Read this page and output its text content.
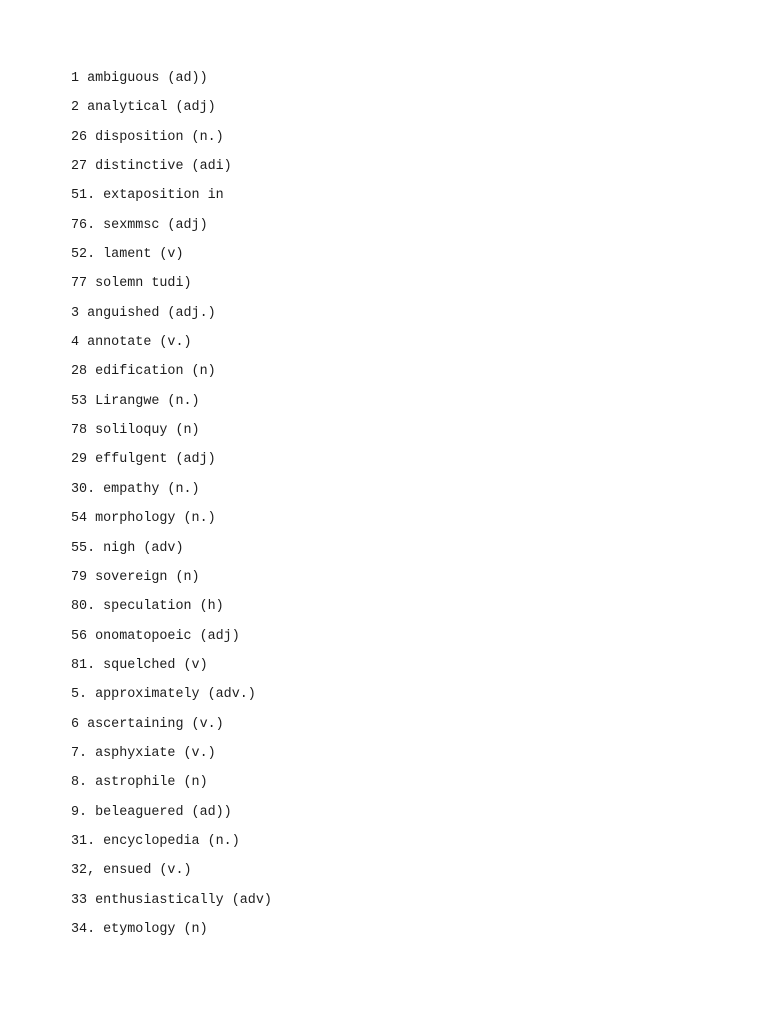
1 ambiguous (ad))
2 analytical (adj)
26 disposition (n.)
27 distinctive (adi)
51. extaposition in
76. sexmmsc (adj)
52. lament (v)
77 solemn tudi)
3 anguished (adj.)
4 annotate (v.)
28 edification (n)
53 Lirangwe (n.)
78 soliloquy (n)
29 effulgent (adj)
30. empathy (n.)
54 morphology (n.)
55. nigh (adv)
79 sovereign (n)
80. speculation (h)
56 onomatopoeic (adj)
81. squelched (v)
5. approximately (adv.)
6 ascertaining (v.)
7. asphyxiate (v.)
8. astrophile (n)
9. beleaguered (ad))
31. encyclopedia (n.)
32, ensued (v.)
33 enthusiastically (adv)
34. etymology (n)
